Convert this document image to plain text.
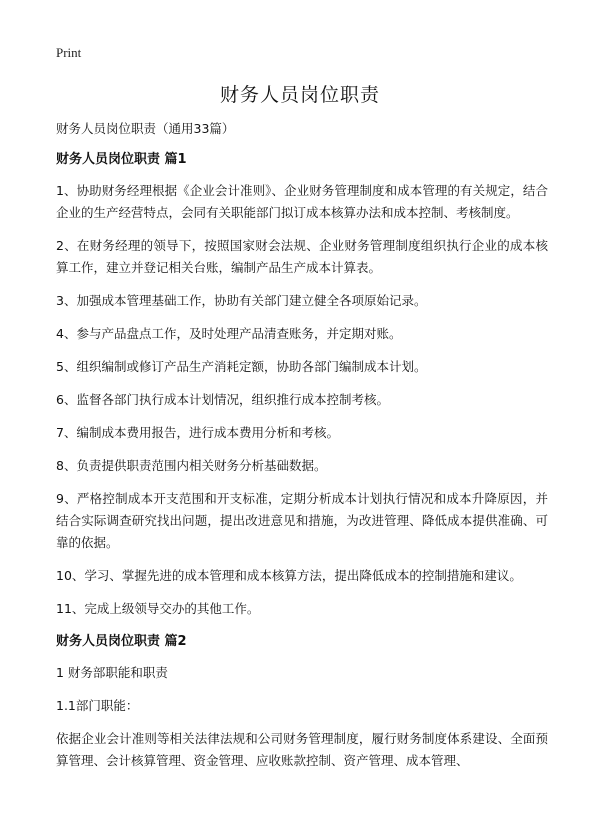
Print
财务人员岗位职责

财务人员岗位职责（通用33篇）

财务人员岗位职责 篇1

1、协助财务经理根据《企业会计准则》、企业财务管理制度和成本管理的有关规定，结合企业的生产经营特点，会同有关职能部门拟订成本核算办法和成本控制、考核制度。

2、在财务经理的领导下，按照国家财会法规、企业财务管理制度组织执行企业的成本核算工作，建立并登记相关台账，编制产品生产成本计算表。

3、加强成本管理基础工作，协助有关部门建立健全各项原始记录。

4、参与产品盘点工作，及时处理产品清查账务，并定期对账。

5、组织编制或修订产品生产消耗定额，协助各部门编制成本计划。

6、监督各部门执行成本计划情况，组织推行成本控制考核。

7、编制成本费用报告，进行成本费用分析和考核。

8、负责提供职责范围内相关财务分析基础数据。

9、严格控制成本开支范围和开支标准，定期分析成本计划执行情况和成本升降原因，并结合实际调查研究找出问题，提出改进意见和措施，为改进管理、降低成本提供准确、可靠的依据。

10、学习、掌握先进的成本管理和成本核算方法，提出降低成本的控制措施和建议。

11、完成上级领导交办的其他工作。

财务人员岗位职责 篇2

1 财务部职能和职责

1.1部门职能：

依据企业会计准则等相关法律法规和公司财务管理制度，履行财务制度体系建设、全面预算管理、会计核算管理、资金管理、应收账款控制、资产管理、成本管理、
